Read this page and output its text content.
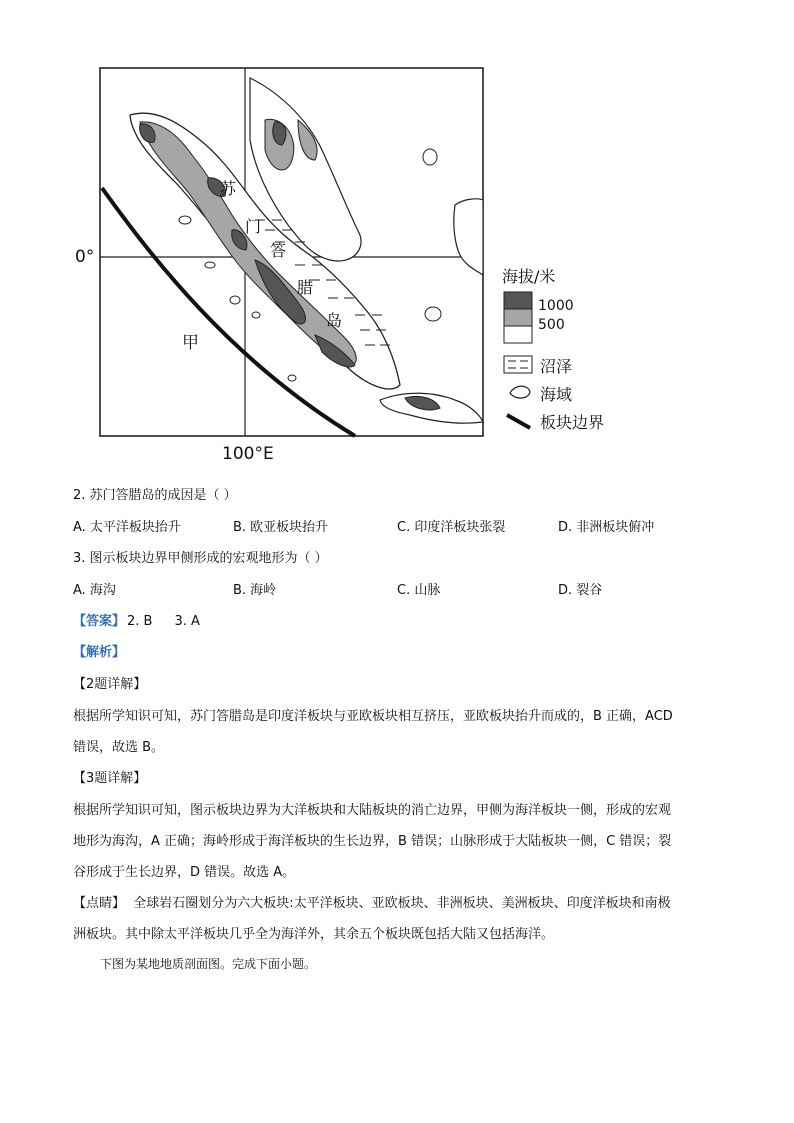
苏
门
答
腊
岛
甲
0°
100°E
海拔/米
1000
500
沼泽
海域
板块边界
2. 苏门答腊岛的成因是（ ）
A. 太平洋板块抬升	B. 欧亚板块抬升	C. 印度洋板块张裂	D. 非洲板块俯冲
3. 图示板块边界甲侧形成的宏观地形为（ ）
A. 海沟	B. 海岭	C. 山脉	D. 裂谷
【答案】 2. B 3. A
【解析】
【2题详解】
根据所学知识可知，苏门答腊岛是印度洋板块与亚欧板块相互挤压，亚欧板块抬升而成的，B 正确，ACD
错误，故选 B。
【3题详解】
根据所学知识可知，图示板块边界为大洋板块和大陆板块的消亡边界，甲侧为海洋板块一侧，形成的宏观
地形为海沟，A 正确；海岭形成于海洋板块的生长边界，B 错误；山脉形成于大陆板块一侧，C 错误；裂
谷形成于生长边界，D 错误。故选 A。
【点睛】 全球岩石圈划分为六大板块:太平洋板块、亚欧板块、非洲板块、美洲板块、印度洋板块和南极
洲板块。其中除太平洋板块几乎全为海洋外，其余五个板块既包括大陆又包括海洋。
下图为某地地质剖面图。完成下面小题。
